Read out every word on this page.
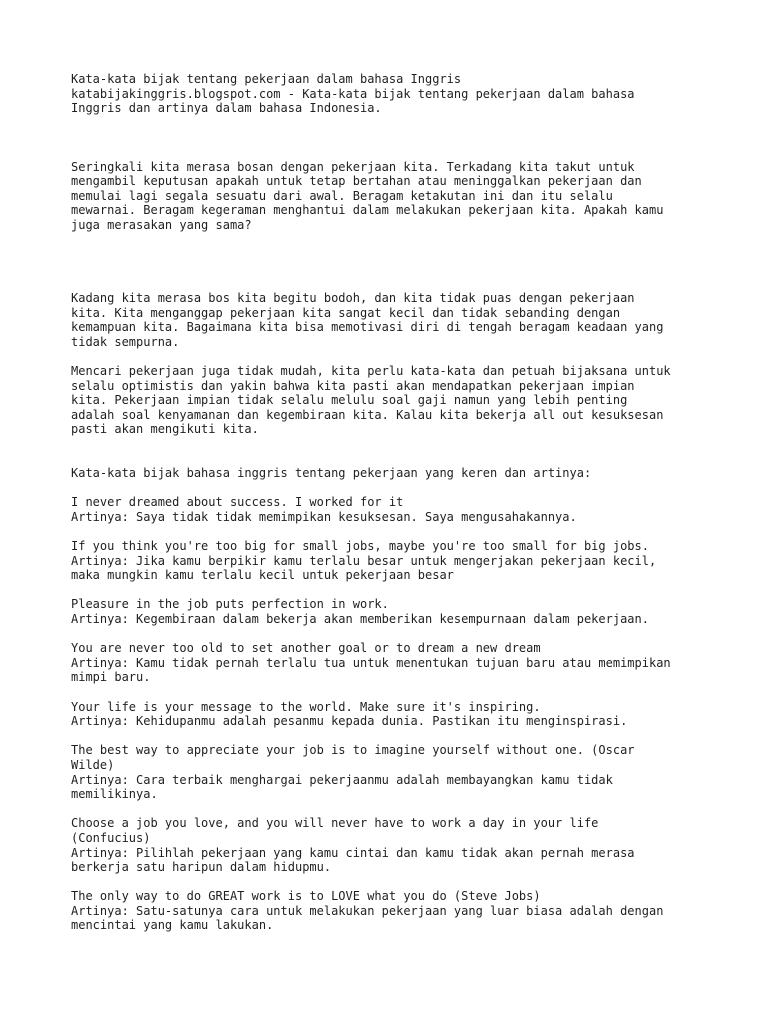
Kata-kata bijak tentang pekerjaan dalam bahasa Inggris
katabijakinggris.blogspot.com - Kata-kata bijak tentang pekerjaan dalam bahasa
Inggris dan artinya dalam bahasa Indonesia.
Seringkali kita merasa bosan dengan pekerjaan kita. Terkadang kita takut untuk
mengambil keputusan apakah untuk tetap bertahan atau meninggalkan pekerjaan dan
memulai lagi segala sesuatu dari awal. Beragam ketakutan ini dan itu selalu
mewarnai. Beragam kegeraman menghantui dalam melakukan pekerjaan kita. Apakah kamu
juga merasakan yang sama?
Kadang kita merasa bos kita begitu bodoh, dan kita tidak puas dengan pekerjaan
kita. Kita menganggap pekerjaan kita sangat kecil dan tidak sebanding dengan
kemampuan kita. Bagaimana kita bisa memotivasi diri di tengah beragam keadaan yang
tidak sempurna.
Mencari pekerjaan juga tidak mudah, kita perlu kata-kata dan petuah bijaksana untuk
selalu optimistis dan yakin bahwa kita pasti akan mendapatkan pekerjaan impian
kita. Pekerjaan impian tidak selalu melulu soal gaji namun yang lebih penting
adalah soal kenyamanan dan kegembiraan kita. Kalau kita bekerja all out kesuksesan
pasti akan mengikuti kita.
Kata-kata bijak bahasa inggris tentang pekerjaan yang keren dan artinya:
I never dreamed about success. I worked for it
Artinya: Saya tidak tidak memimpikan kesuksesan. Saya mengusahakannya.
If you think you're too big for small jobs, maybe you're too small for big jobs.
Artinya: Jika kamu berpikir kamu terlalu besar untuk mengerjakan pekerjaan kecil,
maka mungkin kamu terlalu kecil untuk pekerjaan besar
Pleasure in the job puts perfection in work.
Artinya: Kegembiraan dalam bekerja akan memberikan kesempurnaan dalam pekerjaan.
You are never too old to set another goal or to dream a new dream
Artinya: Kamu tidak pernah terlalu tua untuk menentukan tujuan baru atau memimpikan
mimpi baru.
Your life is your message to the world. Make sure it's inspiring.
Artinya: Kehidupanmu adalah pesanmu kepada dunia. Pastikan itu menginspirasi.
The best way to appreciate your job is to imagine yourself without one. (Oscar
Wilde)
Artinya: Cara terbaik menghargai pekerjaanmu adalah membayangkan kamu tidak
memilikinya.
Choose a job you love, and you will never have to work a day in your life
(Confucius)
Artinya: Pilihlah pekerjaan yang kamu cintai dan kamu tidak akan pernah merasa
berkerja satu haripun dalam hidupmu.
The only way to do GREAT work is to LOVE what you do (Steve Jobs)
Artinya: Satu-satunya cara untuk melakukan pekerjaan yang luar biasa adalah dengan
mencintai yang kamu lakukan.
